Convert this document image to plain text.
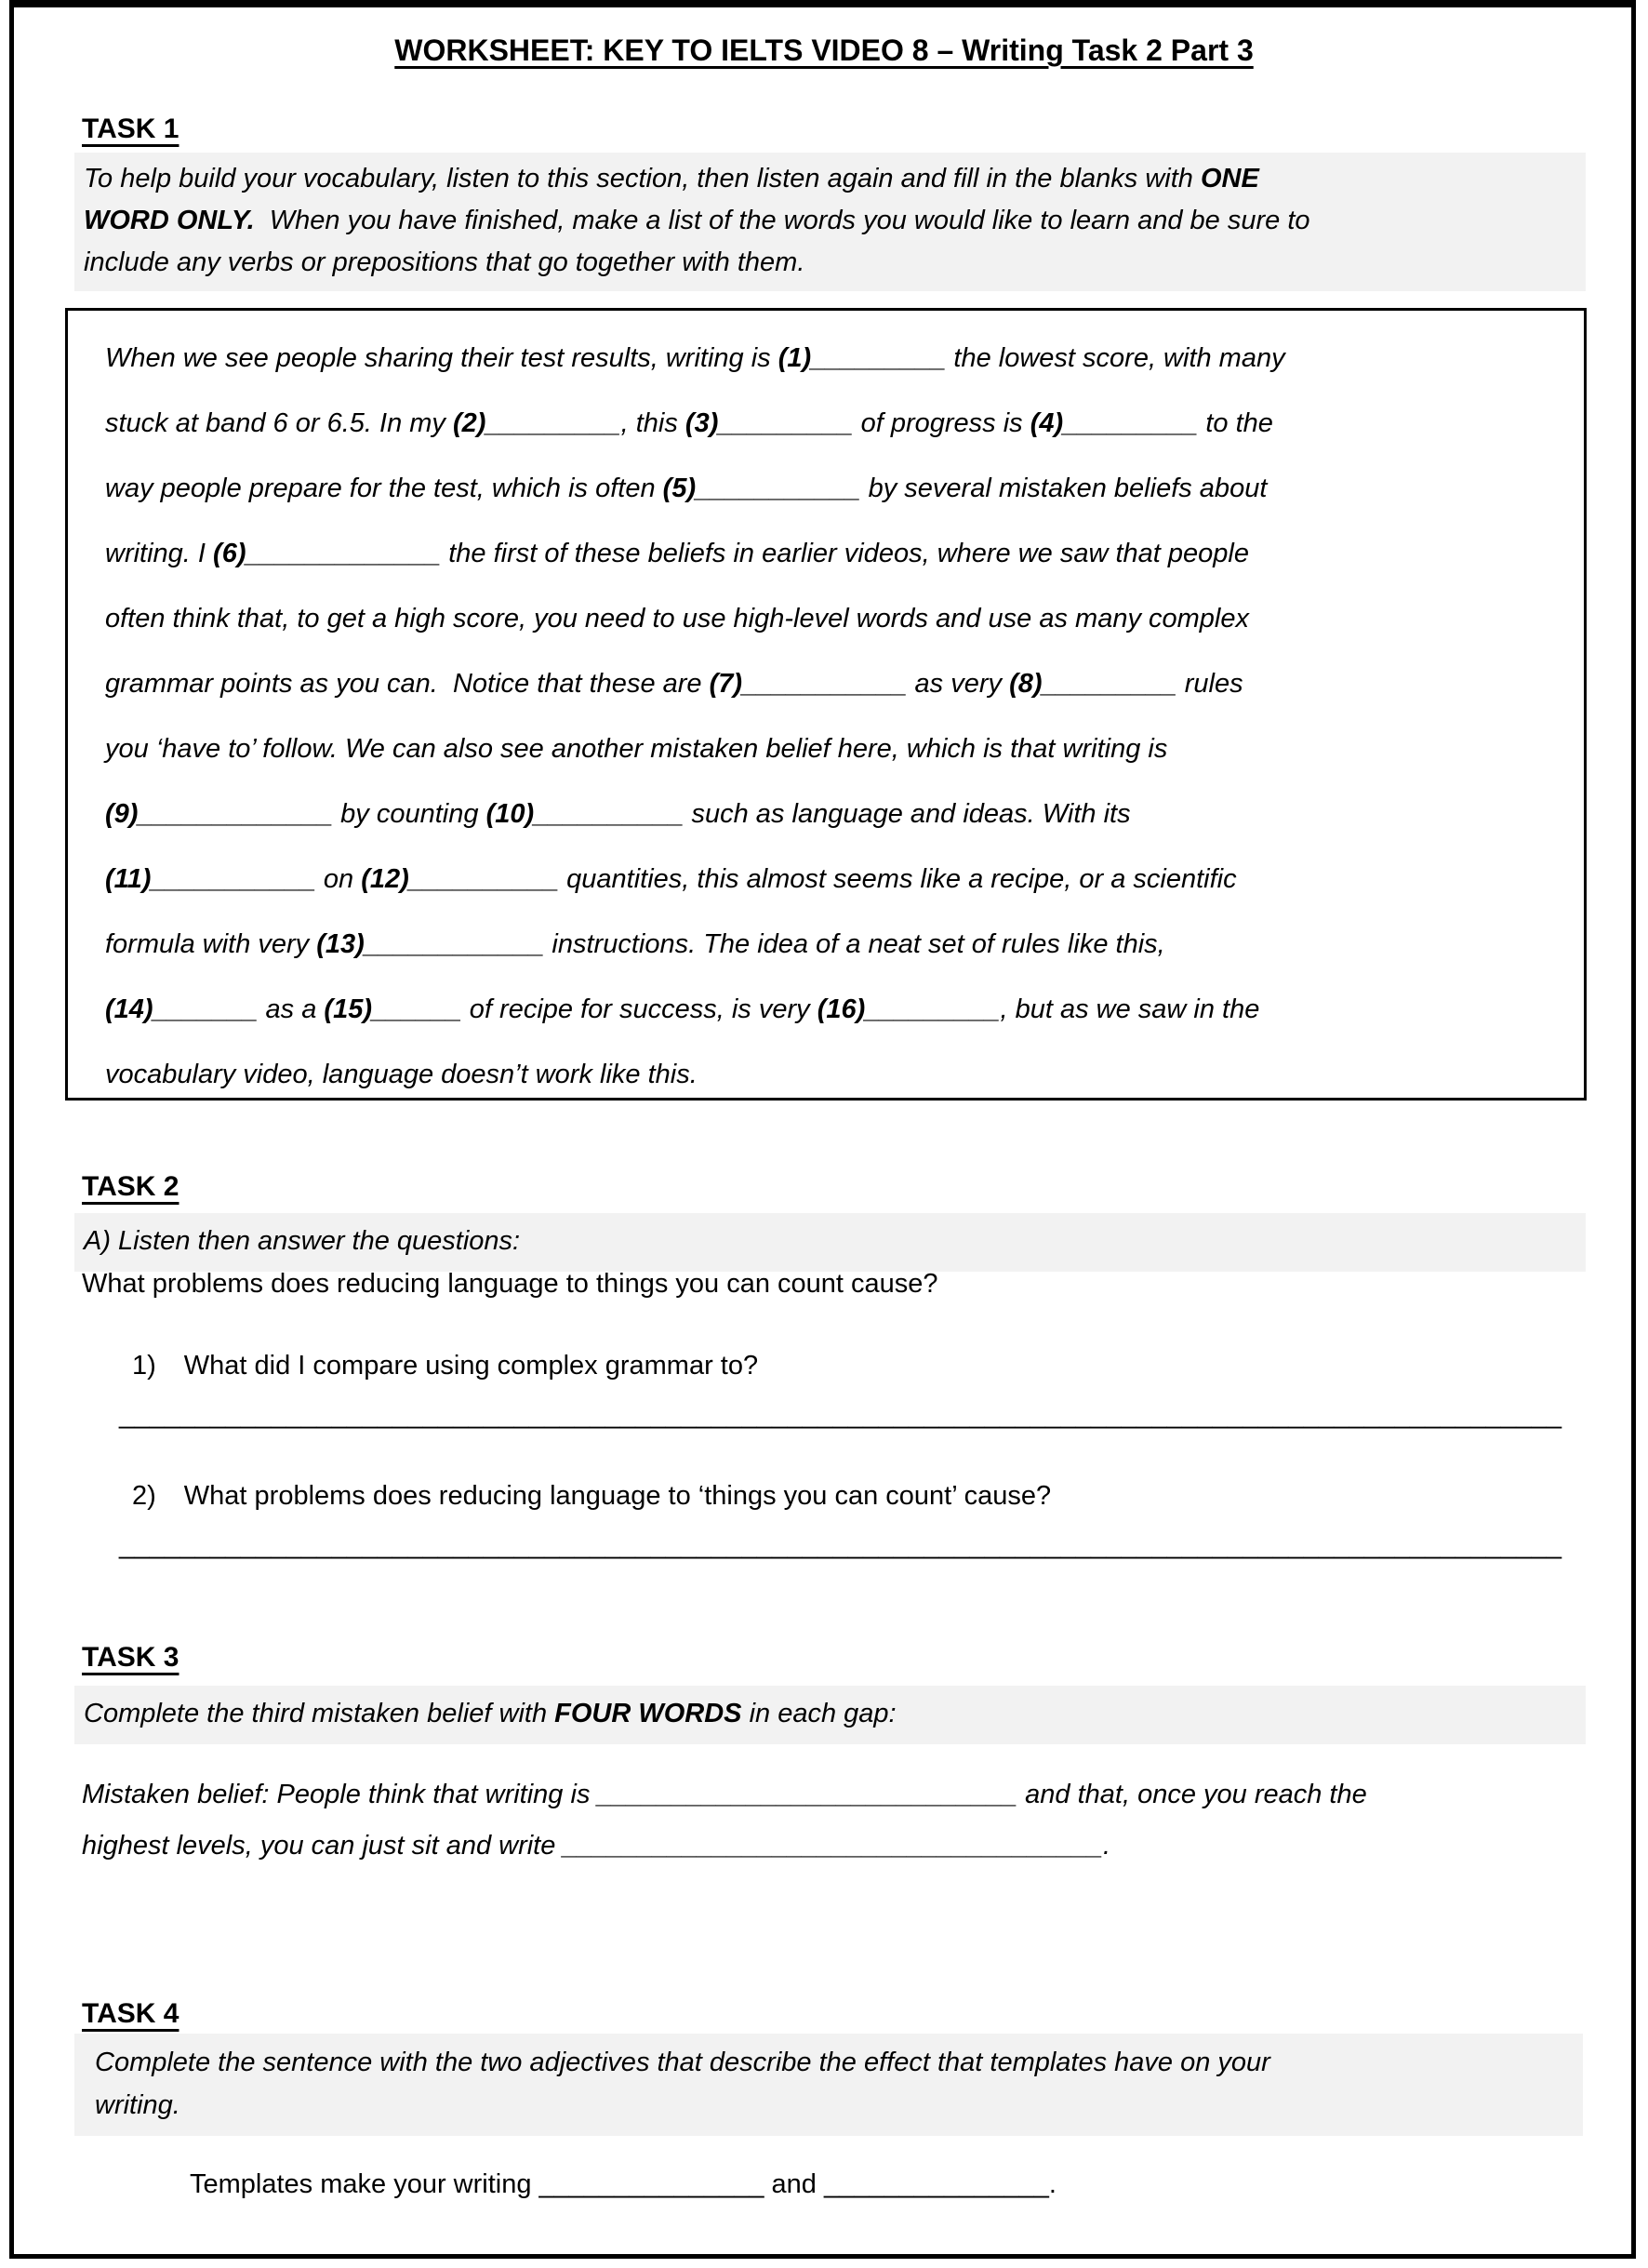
WORKSHEET: KEY TO IELTS VIDEO 8 – Writing Task 2 Part 3
TASK 1
To help build your vocabulary, listen to this section, then listen again and fill in the blanks with ONE
WORD ONLY.  When you have finished, make a list of the words you would like to learn and be sure to
include any verbs or prepositions that go together with them.
When we see people sharing their test results, writing is (1)_________ the lowest score, with many
stuck at band 6 or 6.5. In my (2)_________, this (3)_________ of progress is (4)_________ to the
way people prepare for the test, which is often (5)___________ by several mistaken beliefs about
writing. I (6)_____________ the first of these beliefs in earlier videos, where we saw that people
often think that, to get a high score, you need to use high-level words and use as many complex
grammar points as you can.  Notice that these are (7)___________ as very (8)_________ rules
you ‘have to’ follow. We can also see another mistaken belief here, which is that writing is
(9)_____________ by counting (10)__________ such as language and ideas. With its
(11)___________ on (12)__________ quantities, this almost seems like a recipe, or a scientific
formula with very (13)____________ instructions. The idea of a neat set of rules like this,
(14)_______ as a (15)______ of recipe for success, is very (16)_________, but as we saw in the
vocabulary video, language doesn’t work like this.
TASK 2
A) Listen then answer the questions:
What problems does reducing language to things you can count cause?
1) What did I compare using complex grammar to?
_______________________________________________________________________________________________
2) What problems does reducing language to ‘things you can count’ cause?
_______________________________________________________________________________________________
TASK 3
Complete the third mistaken belief with FOUR WORDS in each gap:
Mistaken belief: People think that writing is ____________________________ and that, once you reach the
highest levels, you can just sit and write ____________________________________.
TASK 4
Complete the sentence with the two adjectives that describe the effect that templates have on your
writing.
Templates make your writing _______________ and _______________.
